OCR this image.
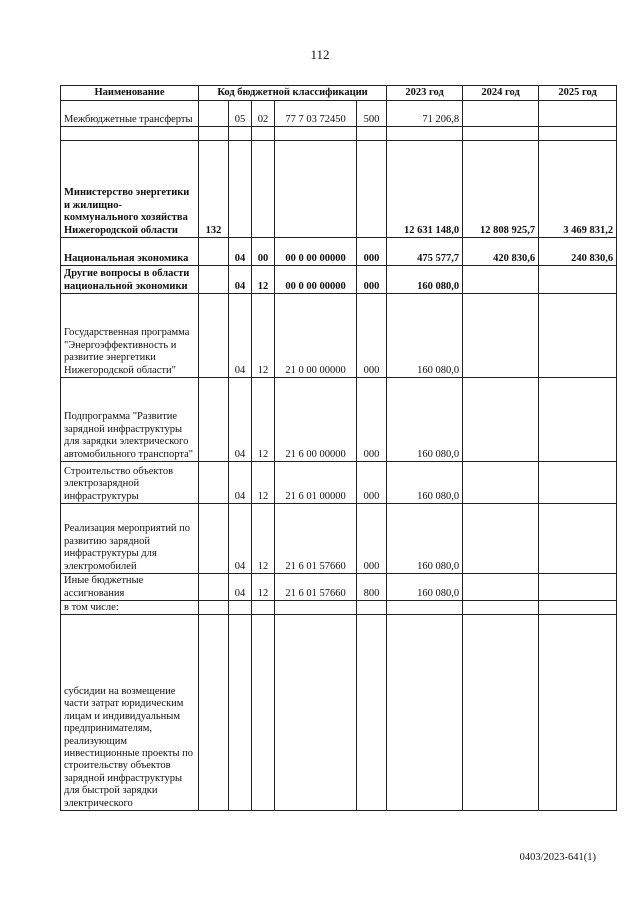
112
Наименование	Код бюджетной классификации					2023 год	2024 год	2025 год
Межбюджетные трансферты		05	02	77 7 03 72450	500	71 206,8		

Министерство энергетики и жилищно-коммунального хозяйства Нижегородской области	132					12 631 148,0	12 808 925,7	3 469 831,2
Национальная экономика		04	00	00 0 00 00000	000	475 577,7	420 830,6	240 830,6
Другие вопросы в области национальной экономики		04	12	00 0 00 00000	000	160 080,0		
Государственная программа "Энергоэффективность и развитие энергетики Нижегородской области"		04	12	21 0 00 00000	000	160 080,0		
Подпрограмма "Развитие зарядной инфраструктуры для зарядки электрического автомобильного транспорта"		04	12	21 6 00 00000	000	160 080,0		
Строительство объектов электрозарядной инфраструктуры		04	12	21 6 01 00000	000	160 080,0		
Реализация мероприятий по развитию зарядной инфраструктуры для электромобилей		04	12	21 6 01 57660	000	160 080,0		
Иные бюджетные ассигнования		04	12	21 6 01 57660	800	160 080,0		
в том числе:								
субсидии на возмещение части затрат юридическим лицам и индивидуальным предпринимателям, реализующим инвестиционные проекты по строительству объектов зарядной инфраструктуры для быстрой зарядки электрического								
0403/2023-641(1)
